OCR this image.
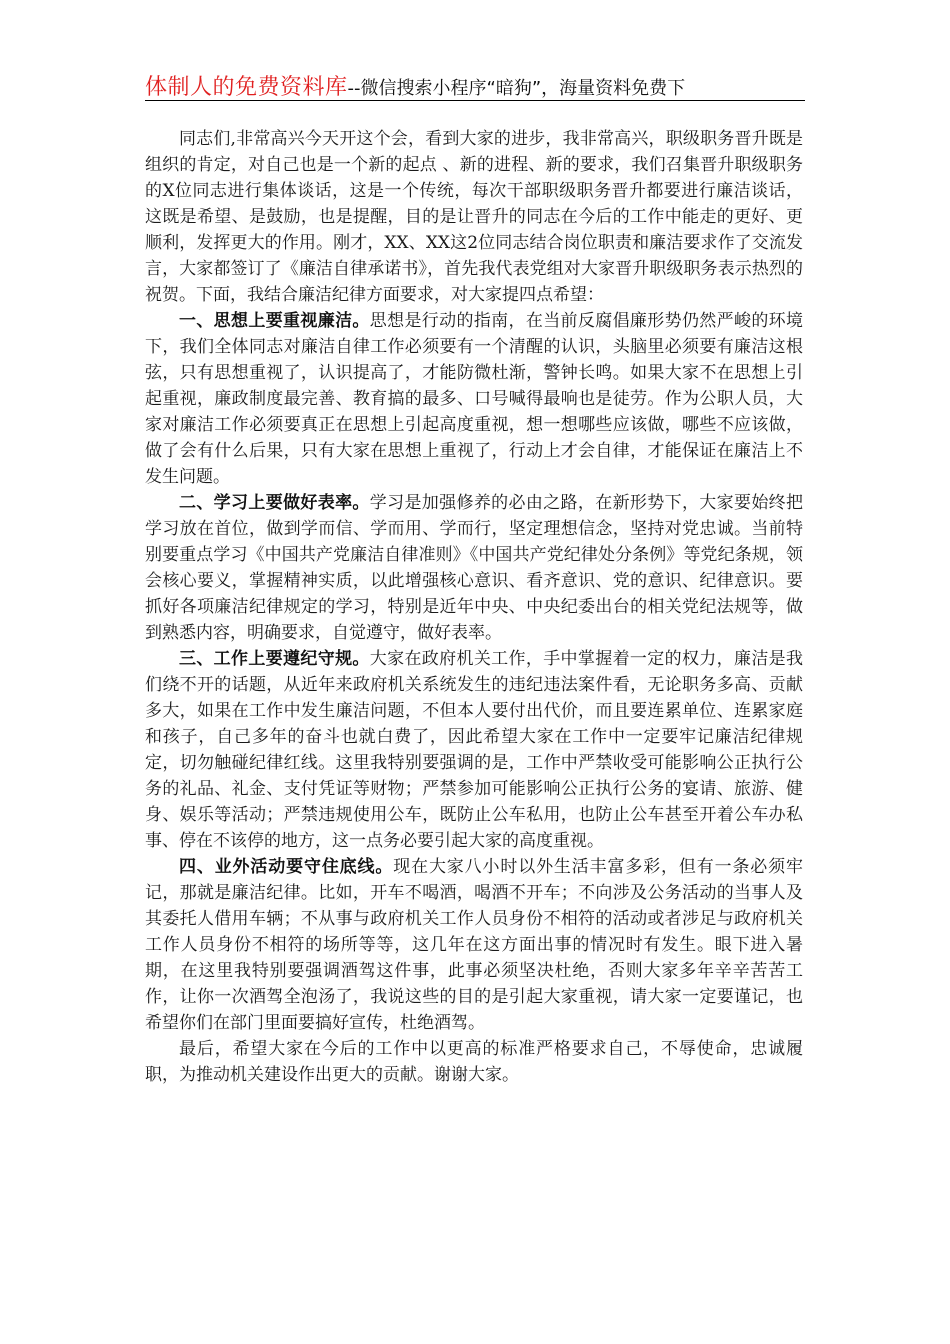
体制人的免费资料库--微信搜索小程序“暗狗”，海量资料免费下

同志们,非常高兴今天开这个会，看到大家的进步，我非常高兴，职级职务晋升既是组织的肯定，对自己也是一个新的起点 、新的进程、新的要求，我们召集晋升职级职务的X位同志进行集体谈话，这是一个传统，每次干部职级职务晋升都要进行廉洁谈话，这既是希望、是鼓励，也是提醒，目的是让晋升的同志在今后的工作中能走的更好、更顺利，发挥更大的作用。刚才，XX、XX这2位同志结合岗位职责和廉洁要求作了交流发言，大家都签订了《廉洁自律承诺书》，首先我代表党组对大家晋升职级职务表示热烈的祝贺。下面，我结合廉洁纪律方面要求，对大家提四点希望：

一、思想上要重视廉洁。思想是行动的指南，在当前反腐倡廉形势仍然严峻的环境下，我们全体同志对廉洁自律工作必须要有一个清醒的认识，头脑里必须要有廉洁这根弦，只有思想重视了，认识提高了，才能防微杜渐，警钟长鸣。如果大家不在思想上引起重视，廉政制度最完善、教育搞的最多、口号喊得最响也是徒劳。作为公职人员，大家对廉洁工作必须要真正在思想上引起高度重视，想一想哪些应该做，哪些不应该做，做了会有什么后果，只有大家在思想上重视了，行动上才会自律，才能保证在廉洁上不发生问题。

二、学习上要做好表率。学习是加强修养的必由之路，在新形势下，大家要始终把学习放在首位，做到学而信、学而用、学而行，坚定理想信念，坚持对党忠诚。当前特别要重点学习《中国共产党廉洁自律准则》《中国共产党纪律处分条例》等党纪条规，领会核心要义，掌握精神实质，以此增强核心意识、看齐意识、党的意识、纪律意识。要抓好各项廉洁纪律规定的学习，特别是近年中央、中央纪委出台的相关党纪法规等，做到熟悉内容，明确要求，自觉遵守，做好表率。

三、工作上要遵纪守规。大家在政府机关工作，手中掌握着一定的权力，廉洁是我们绕不开的话题，从近年来政府机关系统发生的违纪违法案件看，无论职务多高、贡献多大，如果在工作中发生廉洁问题，不但本人要付出代价，而且要连累单位、连累家庭和孩子，自己多年的奋斗也就白费了，因此希望大家在工作中一定要牢记廉洁纪律规定，切勿触碰纪律红线。这里我特别要强调的是，工作中严禁收受可能影响公正执行公务的礼品、礼金、支付凭证等财物；严禁参加可能影响公正执行公务的宴请、旅游、健身、娱乐等活动；严禁违规使用公车，既防止公车私用，也防止公车甚至开着公车办私事、停在不该停的地方，这一点务必要引起大家的高度重视。

四、业外活动要守住底线。现在大家八小时以外生活丰富多彩，但有一条必须牢记，那就是廉洁纪律。比如，开车不喝酒，喝酒不开车；不向涉及公务活动的当事人及其委托人借用车辆；不从事与政府机关工作人员身份不相符的活动或者涉足与政府机关工作人员身份不相符的场所等等，这几年在这方面出事的情况时有发生。眼下进入暑期，在这里我特别要强调酒驾这件事，此事必须坚决杜绝，否则大家多年辛辛苦苦工作，让你一次酒驾全泡汤了，我说这些的目的是引起大家重视，请大家一定要谨记，也希望你们在部门里面要搞好宣传，杜绝酒驾。

最后，希望大家在今后的工作中以更高的标准严格要求自己，不辱使命，忠诚履职，为推动机关建设作出更大的贡献。谢谢大家。
